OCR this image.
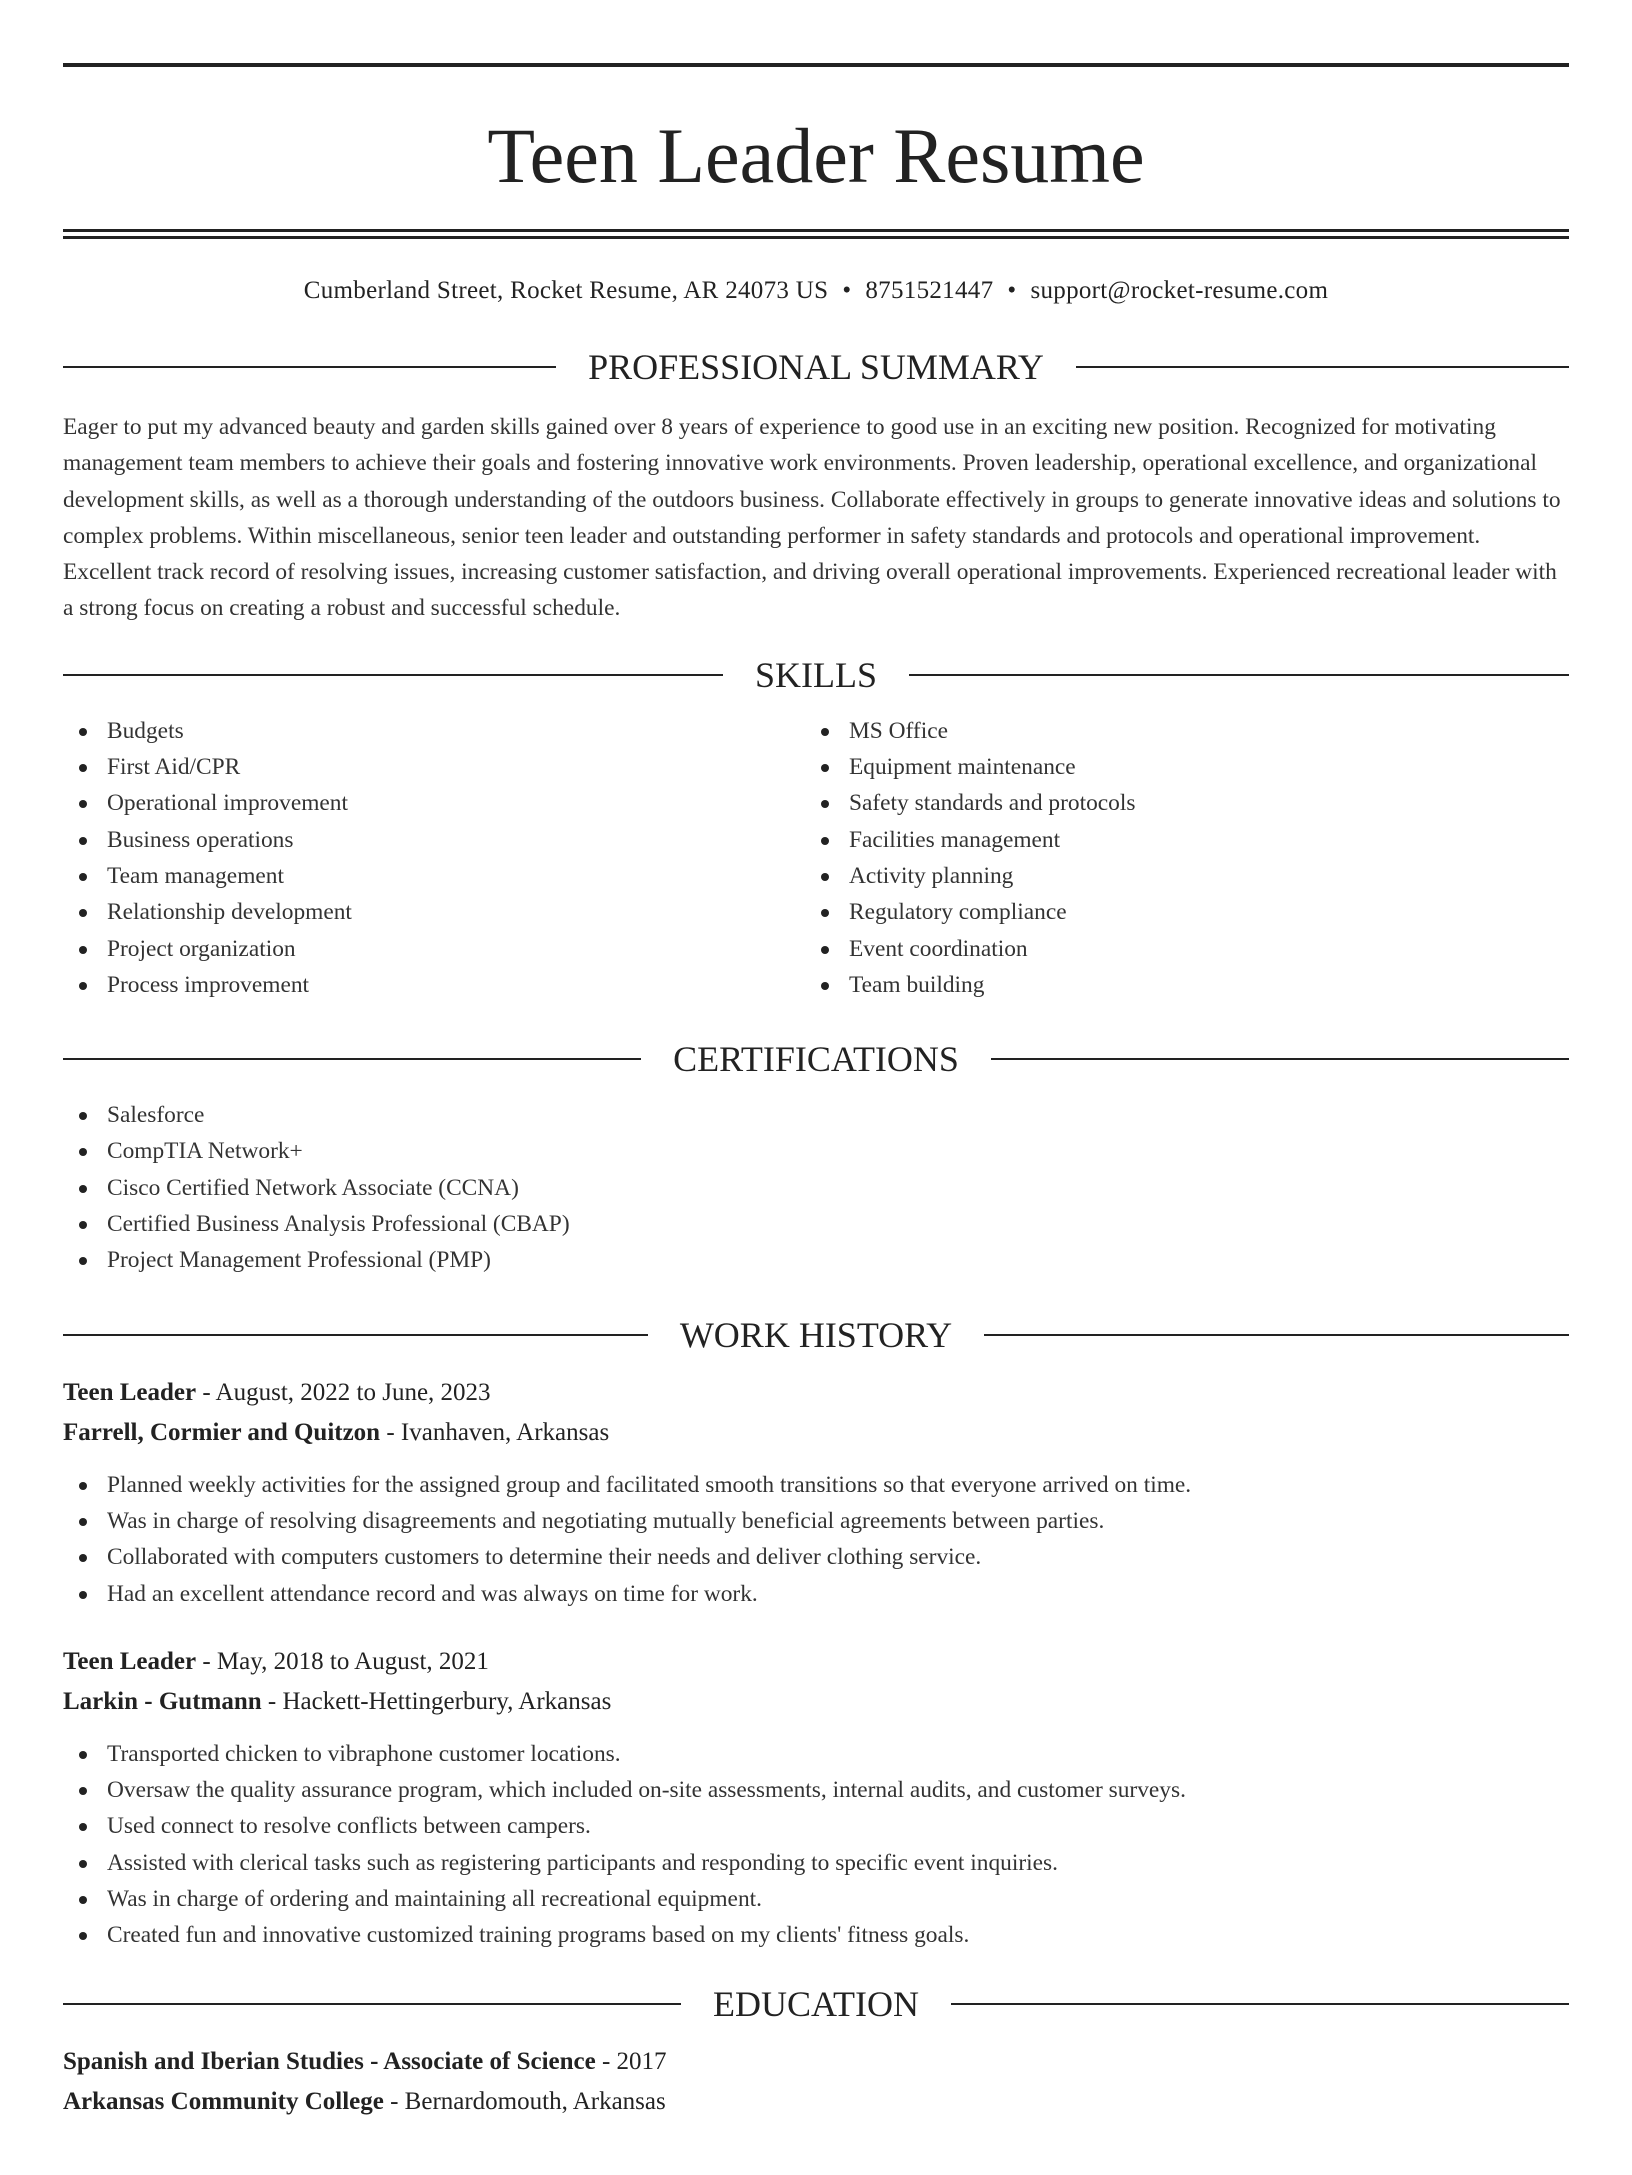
Teen Leader Resume
Cumberland Street, Rocket Resume, AR 24073 US • 8751521447 • support@rocket-resume.com
PROFESSIONAL SUMMARY
Eager to put my advanced beauty and garden skills gained over 8 years of experience to good use in an exciting new position. Recognized for motivating management team members to achieve their goals and fostering innovative work environments. Proven leadership, operational excellence, and organizational development skills, as well as a thorough understanding of the outdoors business. Collaborate effectively in groups to generate innovative ideas and solutions to complex problems. Within miscellaneous, senior teen leader and outstanding performer in safety standards and protocols and operational improvement. Excellent track record of resolving issues, increasing customer satisfaction, and driving overall operational improvements. Experienced recreational leader with a strong focus on creating a robust and successful schedule.
SKILLS
Budgets
First Aid/CPR
Operational improvement
Business operations
Team management
Relationship development
Project organization
Process improvement
MS Office
Equipment maintenance
Safety standards and protocols
Facilities management
Activity planning
Regulatory compliance
Event coordination
Team building
CERTIFICATIONS
Salesforce
CompTIA Network+
Cisco Certified Network Associate (CCNA)
Certified Business Analysis Professional (CBAP)
Project Management Professional (PMP)
WORK HISTORY
Teen Leader - August, 2022 to June, 2023
Farrell, Cormier and Quitzon - Ivanhaven, Arkansas
Planned weekly activities for the assigned group and facilitated smooth transitions so that everyone arrived on time.
Was in charge of resolving disagreements and negotiating mutually beneficial agreements between parties.
Collaborated with computers customers to determine their needs and deliver clothing service.
Had an excellent attendance record and was always on time for work.
Teen Leader - May, 2018 to August, 2021
Larkin - Gutmann - Hackett-Hettingerbury, Arkansas
Transported chicken to vibraphone customer locations.
Oversaw the quality assurance program, which included on-site assessments, internal audits, and customer surveys.
Used connect to resolve conflicts between campers.
Assisted with clerical tasks such as registering participants and responding to specific event inquiries.
Was in charge of ordering and maintaining all recreational equipment.
Created fun and innovative customized training programs based on my clients' fitness goals.
EDUCATION
Spanish and Iberian Studies - Associate of Science - 2017
Arkansas Community College - Bernardomouth, Arkansas
